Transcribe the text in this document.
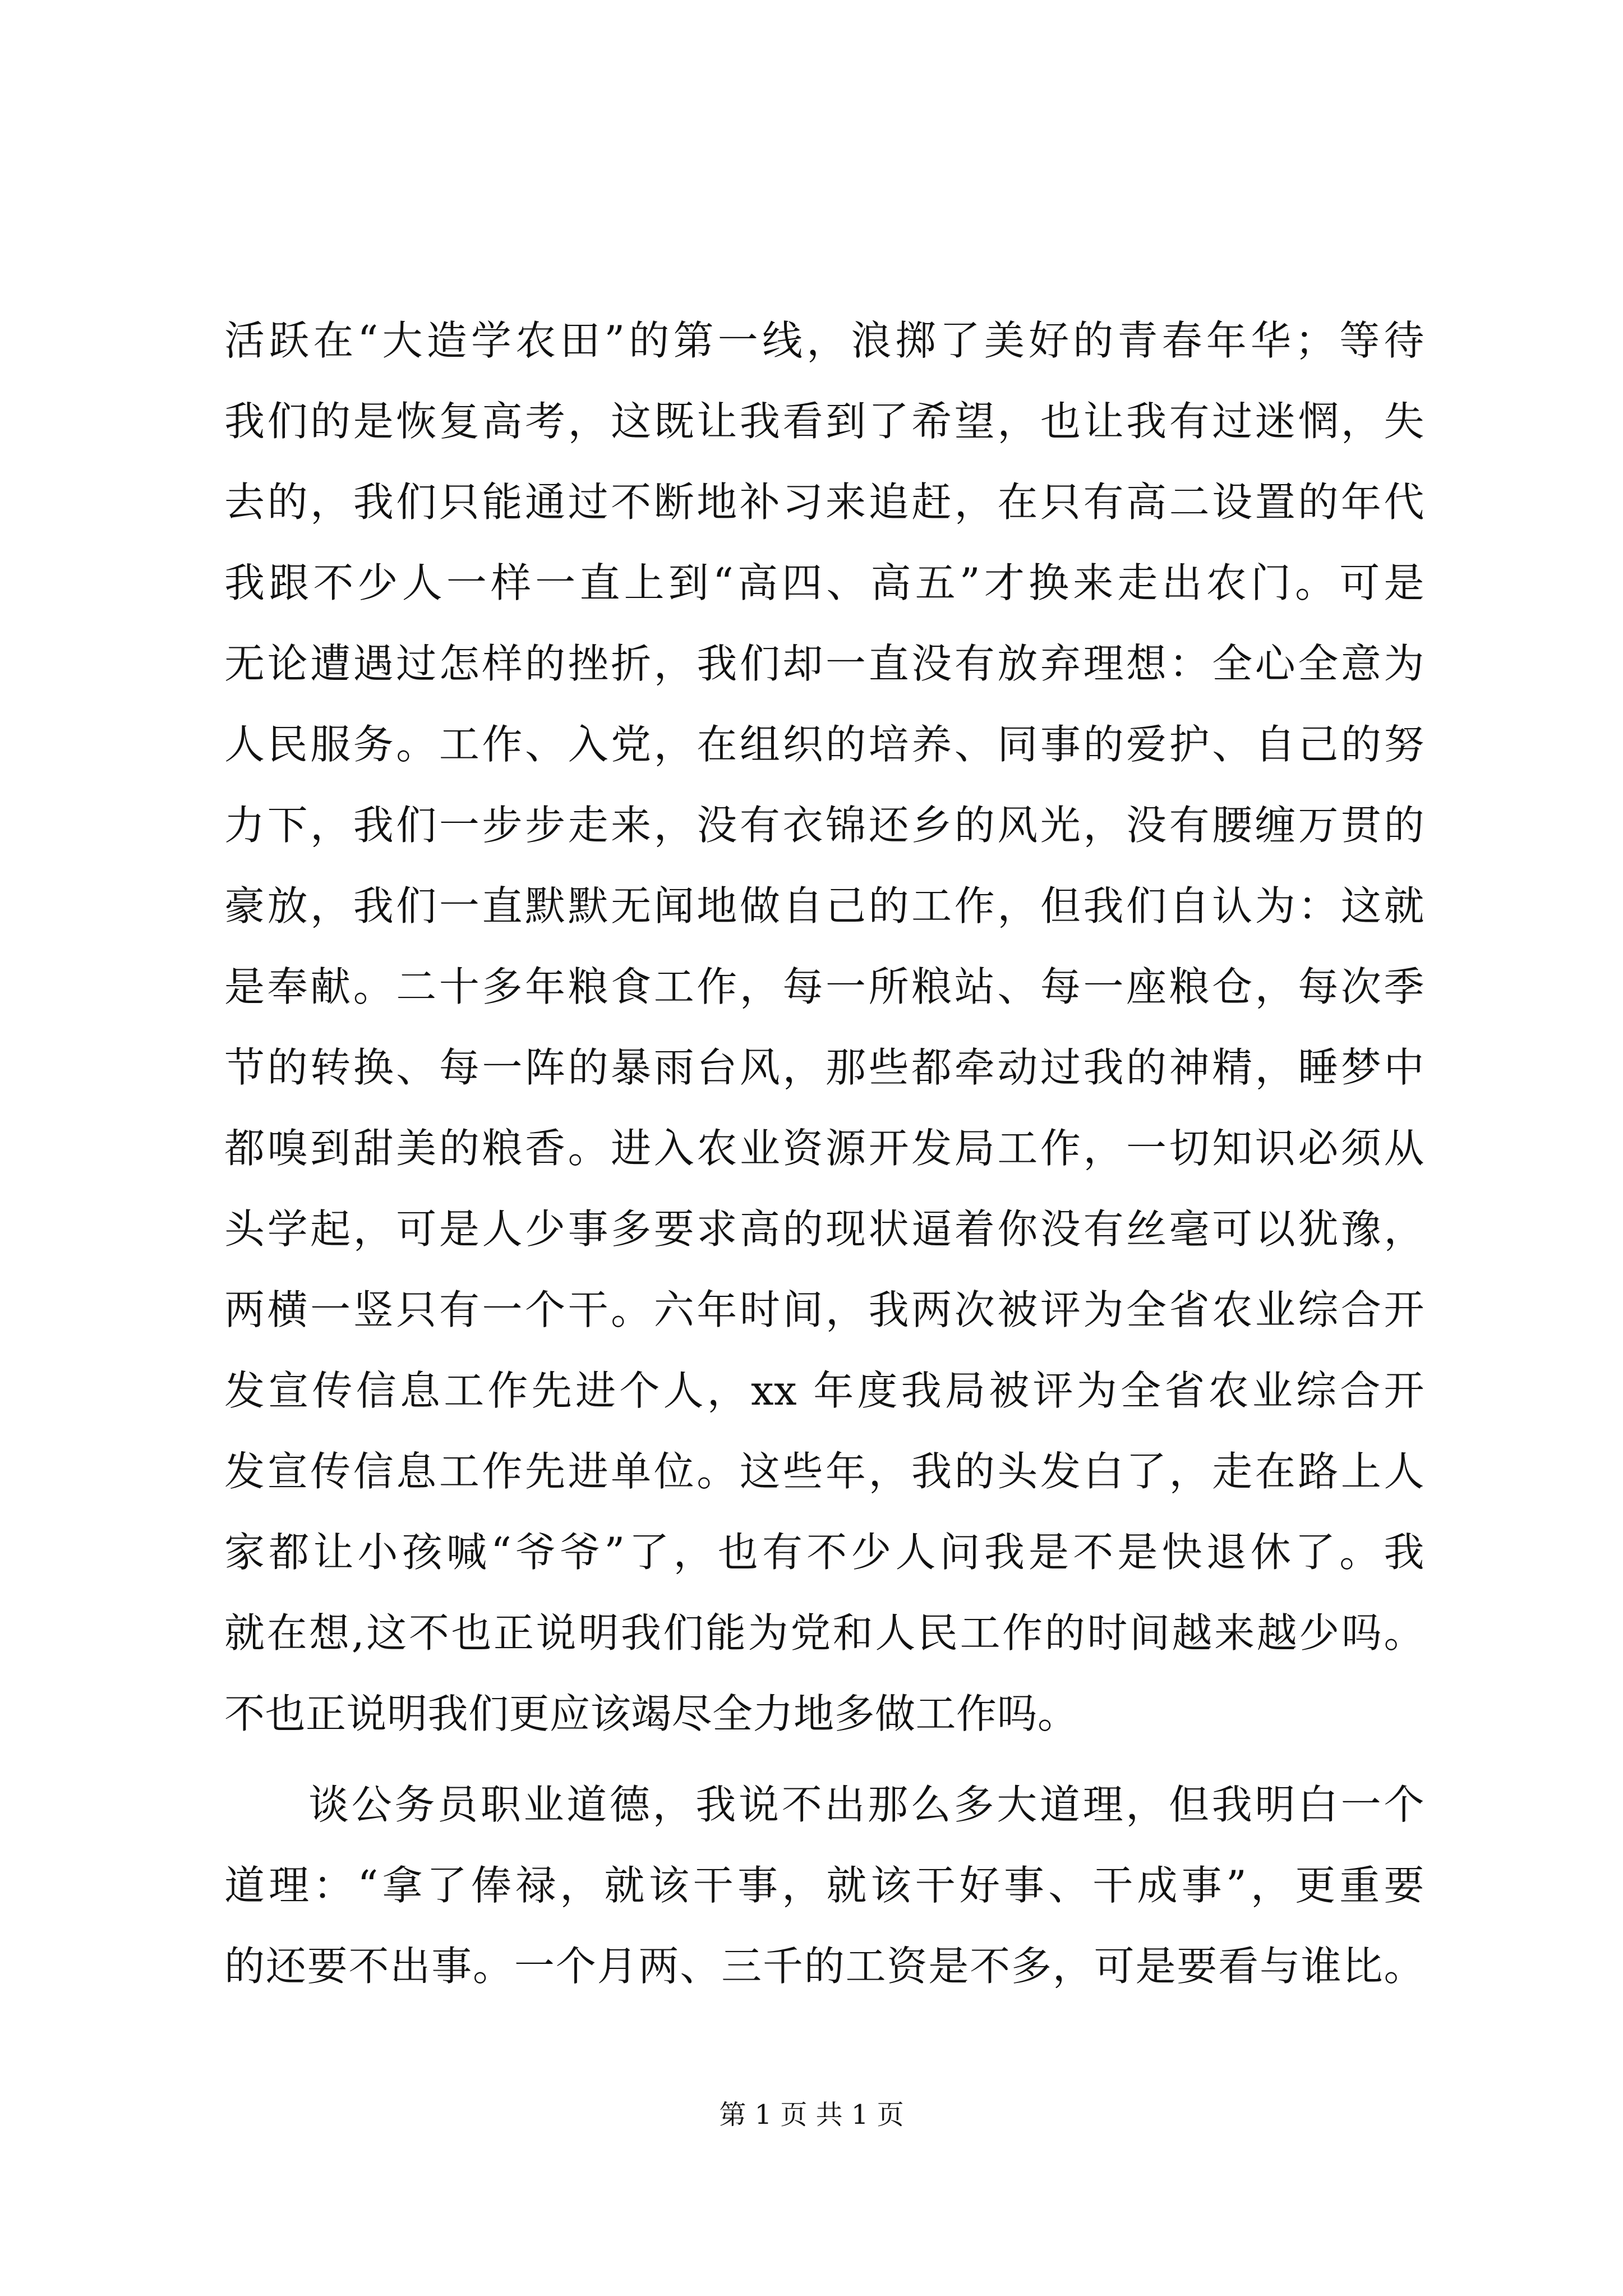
活跃在“大造学农田”的第一线，浪掷了美好的青春年华；等待
我们的是恢复高考，这既让我看到了希望，也让我有过迷惘，失
去的，我们只能通过不断地补习来追赶，在只有高二设置的年代
我跟不少人一样一直上到“高四、高五”才换来走出农门。可是
无论遭遇过怎样的挫折，我们却一直没有放弃理想：全心全意为
人民服务。工作、入党，在组织的培养、同事的爱护、自己的努
力下，我们一步步走来，没有衣锦还乡的风光，没有腰缠万贯的
豪放，我们一直默默无闻地做自己的工作，但我们自认为：这就
是奉献。二十多年粮食工作，每一所粮站、每一座粮仓，每次季
节的转换、每一阵的暴雨台风，那些都牵动过我的神精，睡梦中
都嗅到甜美的粮香。进入农业资源开发局工作，一切知识必须从
头学起，可是人少事多要求高的现状逼着你没有丝毫可以犹豫，
两横一竖只有一个干。六年时间，我两次被评为全省农业综合开
发宣传信息工作先进个人，xx 年度我局被评为全省农业综合开
发宣传信息工作先进单位。这些年，我的头发白了，走在路上人
家都让小孩喊“爷爷”了，也有不少人问我是不是快退休了。我
就在想,这不也正说明我们能为党和人民工作的时间越来越少吗。
不也正说明我们更应该竭尽全力地多做工作吗。
谈公务员职业道德，我说不出那么多大道理，但我明白一个
道理：“拿了俸禄，就该干事，就该干好事、干成事”，更重要
的还要不出事。一个月两、三千的工资是不多，可是要看与谁比。
第 1 页 共 1 页
